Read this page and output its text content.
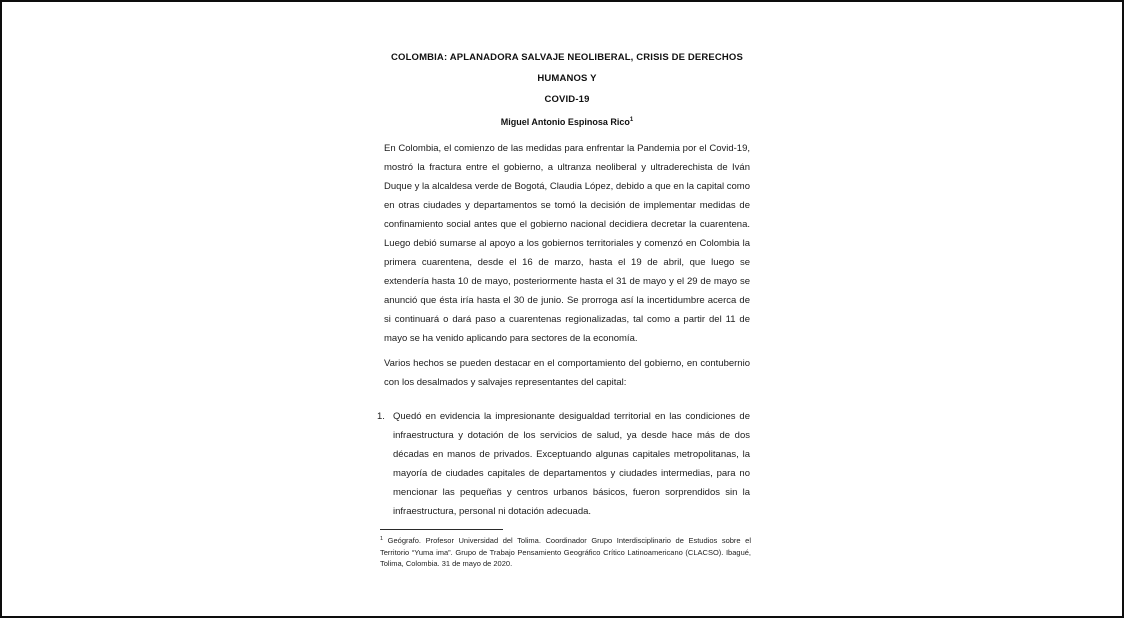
COLOMBIA: APLANADORA SALVAJE NEOLIBERAL, CRISIS DE DERECHOS HUMANOS Y
COVID-19
Miguel Antonio Espinosa Rico$^1$

En Colombia, el comienzo de las medidas para enfrentar la Pandemia por el Covid-19, mostró la fractura entre el gobierno, a ultranza neoliberal y ultraderechista de Iván Duque y la alcaldesa verde de Bogotá, Claudia López, debido a que en la capital como en otras ciudades y departamentos se tomó la decisión de implementar medidas de confinamiento social antes que el gobierno nacional decidiera decretar la cuarentena. Luego debió sumarse al apoyo a los gobiernos territoriales y comenzó en Colombia la primera cuarentena, desde el 16 de marzo, hasta el 19 de abril, que luego se extendería hasta 10 de mayo, posteriormente hasta el 31 de mayo y el 29 de mayo se anunció que ésta iría hasta el 30 de junio. Se prorroga así la incertidumbre acerca de si continuará o dará paso a cuarentenas regionalizadas, tal como a partir del 11 de mayo se ha venido aplicando para sectores de la economía.

Varios hechos se pueden destacar en el comportamiento del gobierno, en contubernio con los desalmados y salvajes representantes del capital:

1. Quedó en evidencia la impresionante desigualdad territorial en las condiciones de infraestructura y dotación de los servicios de salud, ya desde hace más de dos décadas en manos de privados. Exceptuando algunas capitales metropolitanas, la mayoría de ciudades capitales de departamentos y ciudades intermedias, para no mencionar las pequeñas y centros urbanos básicos, fueron sorprendidos sin la infraestructura, personal ni dotación adecuada.

$^1$ Geógrafo. Profesor Universidad del Tolima. Coordinador Grupo Interdisciplinario de Estudios sobre el Territorio “Yuma ima”. Grupo de Trabajo Pensamiento Geográfico Crítico Latinoamericano (CLACSO). Ibagué, Tolima, Colombia. 31 de mayo de 2020.
